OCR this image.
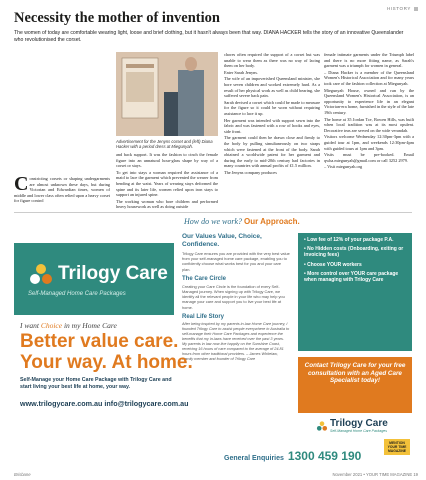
HISTORY
Necessity the mother of invention
The women of today are comfortable wearing light, loose and brief clothing, but it hasn't always been that way. DIANA HACKER tells the story of an innovative Queenslander who revolutionised the corset.
Advertisement for the Jenyns corset and (left) Diana Hacker with a period dress at Miegunyah.
Constricting corsets or shaping undergarments are almost unknown these days, but during Victorian and Edwardian times, women of middle and lower class often relied upon a heavy corset for figure control

and back support. It was the fashion to cinch the female figure into an unnatural hour-glass shape by way of a corset or stays.

To get into stays a woman required the assistance of a maid to lace the garment which prevented the wearer from bending at the waist. Years of wearing stays deformed the spine and its later life, women relied upon iron stays to support an injured spine.

The working woman who bore children and performed heavy housework as well as doing outside

chores often required the support of a corset but was unable to wear them as there was no way of lacing them on her body.

Enter Sarah Jenyns.

The wife of an impoverished Queensland minister, she bore seven children and worked extremely hard. As a result of her physical work as well as child bearing, she suffered severe back pain.

Sarah devised a corset which could be made to measure for the figure so it could be worn without requiring assistance to lace it up.

Her garment was intended with support sewn into the fabric and was fastened with a row of hooks and eyes, side front.

The garment could then be drawn close and firmly to the body by pulling simultaneously on two straps which were fastened at the front of the body. Sarah obtained a worldwide patent for her garment and during the early to mid-20th century had factories in many countries with annual profits of £1.5 million.

The Jenyns company produces

female intimate garments under the Triumph label and there is no more fitting name, as Sarah's garment was a triumph for women in general.

– Diana Hacker is a member of the Queensland Women's Historical Association and for many years took care of the fashion collection at Miegunyah.

Miegunyah House, owned and run by the Queensland Women's Historical Association, is an opportunity to experience life in an elegant Victorian-era home, furnished in the style of the late 19th century.

The home at 35 Jordan Tce, Bowen Hills, was built when local tradition was at its most opulent. Decorative teas are served on the wide verandah.

Visitors welcome Wednesday 12:30pm-3pm with a guided tour at 1pm, and weekends 12:30pm-4pm with guided tours at 1pm and 3pm.

Visits must be pre-booked. Email qwha.miegunyah@gmail.com or call 3252 2979.

– Visit miegunyah.org

How do we work? Our Approach.
Trilogy Care
Self-Managed Home Care Packages
Our Values Value, Choice, Confidence.
Trilogy Care ensures you are provided with the very best value from your self-managed home care package, enabling you to confidently choose what works best for you and your care plan.
The Care Circle
Creating your Care Circle is the foundation of every Self-Managed journey. When signing up with Trilogy Care, we identify all the relevant people in your life who may help you manage your care and support you to live your best life at home.
Real Life Story
After being inspired by my parents in-law Home Care journey, I founded Trilogy Care to assist people everywhere in Australia to self-manage their Home Care Packages and experience the benefits that my in-laws have received over the past 3 years. My parents in law now live happily on the Sunshine Coast, receiving 16 hours of care compared to the average of 24.81 hours from other traditional providers. – James Whitelaw, Family member and founder of Trilogy Care
• Low fee of 12% of your package P.A.
• No Hidden costs (Onboarding, exiting or invoicing fees)
• Choose YOUR workers
• More control over YOUR care package when managing with Trilogy Care
Contact Trilogy Care for your free consultation with an Aged Care Specialist today!
I want Choice in my Home Care
Better value care.
Your way. At home.
Self-Manage your Home Care Package with Trilogy Care and start living your best life at home, your way.
www.trilogycare.com.au info@trilogycare.com.au
Trilogy Care
Self-Managed Home Care Packages
MENTION YOUR TIME MAGAZINE
General Enquiries 1300 459 190
Brisbane	November 2021 • YOUR TIME MAGAZINE 19
